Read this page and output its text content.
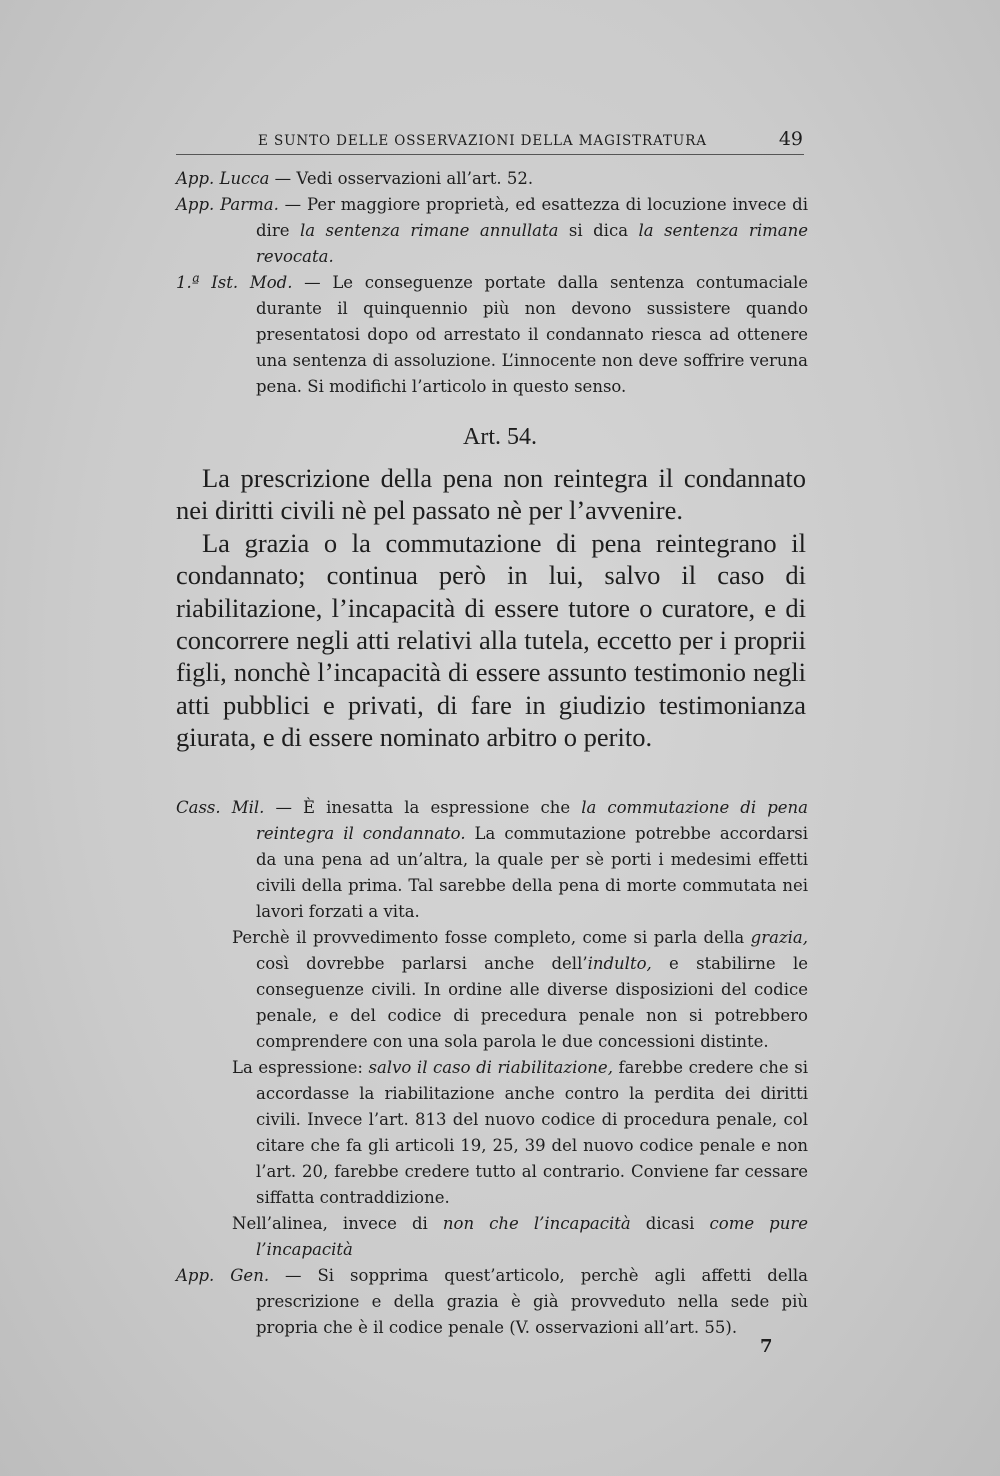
E SUNTO DELLE OSSERVAZIONI DELLA MAGISTRATURA	49

App. Lucca — Vedi osservazioni all’art. 52.

App. Parma. — Per maggiore proprietà, ed esattezza di locuzione invece di dire la sentenza rimane annullata si dica la sentenza rimane revocata.

1.ª Ist. Mod. — Le conseguenze portate dalla sentenza contumaciale durante il quinquennio più non devono sussistere quando presentatosi dopo od arrestato il condannato riesca ad ottenere una sentenza di assoluzione. L’innocente non deve soffrire veruna pena. Si modifichi l’articolo in questo senso.

Art. 54.

La prescrizione della pena non reintegra il condannato nei diritti civili nè pel passato nè per l’avvenire.

La grazia o la commutazione di pena reintegrano il condannato; continua però in lui, salvo il caso di riabilitazione, l’incapacità di essere tutore o curatore, e di concorrere negli atti relativi alla tutela, eccetto per i proprii figli, nonchè l’incapacità di essere assunto testimonio negli atti pubblici e privati, di fare in giudizio testimonianza giurata, e di essere nominato arbitro o perito.

Cass. Mil. — È inesatta la espressione che la commutazione di pena reintegra il condannato. La commutazione potrebbe accordarsi da una pena ad un’altra, la quale per sè porti i medesimi effetti civili della prima. Tal sarebbe della pena di morte commutata nei lavori forzati a vita.

Perchè il provvedimento fosse completo, come si parla della grazia, così dovrebbe parlarsi anche dell’indulto, e stabilirne le conseguenze civili. In ordine alle diverse disposizioni del codice penale, e del codice di precedura penale non si potrebbero comprendere con una sola parola le due concessioni distinte.

La espressione: salvo il caso di riabilitazione, farebbe credere che si accordasse la riabilitazione anche contro la perdita dei diritti civili. Invece l’art. 813 del nuovo codice di procedura penale, col citare che fa gli articoli 19, 25, 39 del nuovo codice penale e non l’art. 20, farebbe credere tutto al contrario. Conviene far cessare siffatta contraddizione.

Nell’alinea, invece di non che l’incapacità dicasi come pure l’incapacità

App. Gen. — Si sopprima quest’articolo, perchè agli affetti della prescrizione e della grazia è già provveduto nella sede più propria che è il codice penale (V. osservazioni all’art. 55).

7
